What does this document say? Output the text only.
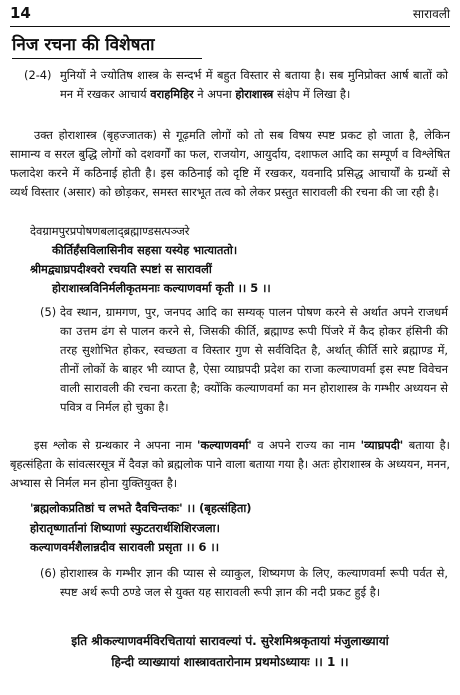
14	सारावली
निज रचना की विशेषता
(2-4) मुनियों ने ज्योतिष शास्त्र के सन्दर्भ में बहुत विस्तार से बताया है। सब मुनिप्रोक्त आर्ष बातों को मन में रखकर आचार्य वराहमिहिर ने अपना होराशास्त्र संक्षेप में लिखा है।
उक्त होराशास्त्र (बृहज्जातक) से गूढ़मति लोगों को तो सब विषय स्पष्ट प्रकट हो जाता है, लेकिन सामान्य व सरल बुद्धि लोगों को दशवर्गों का फल, राजयोग, आयुर्दाय, दशाफल आदि का सम्पूर्ण व विश्लेषित फलादेश करने में कठिनाई होती है। इस कठिनाई को दृष्टि में रखकर, यवनादि प्रसिद्ध आचार्यों के ग्रन्थों से व्यर्थ विस्तार (असार) को छोड़कर, समस्त सारभूत तत्व को लेकर प्रस्तुत सारावली की रचना की जा रही है।
देवग्रामपुरप्रपोषणबलाद्ब्रह्माण्डसत्पञ्जरे
कीर्तिर्हंसविलासिनीव सहसा यस्येह भात्याततो।
श्रीमद्व्याघ्रपदीश्वरो रचयति स्पष्टां स सारावलीं
होराशास्त्रविनिर्मलीकृतमनाः कल्याणवर्मा कृती ।। 5 ।।
(5) देव स्थान, ग्रामगण, पुर, जनपद आदि का सम्यक् पालन पोषण करने से अर्थात अपने राजधर्म का उत्तम ढंग से पालन करने से, जिसकी कीर्ति, ब्रह्माण्ड रूपी पिंजरे में कैद होकर हंसिनी की तरह सुशोभित होकर, स्वच्छता व विस्तार गुण से सर्वविदित है, अर्थात् कीर्ति सारे ब्रह्माण्ड में, तीनों लोकों के बाहर भी व्याप्त है, ऐसा व्याघ्रपदी प्रदेश का राजा कल्याणवर्मा इस स्पष्ट विवेचन वाली सारावली की रचना करता है; क्योंकि कल्याणवर्मा का मन होराशास्त्र के गम्भीर अध्ययन से पवित्र व निर्मल हो चुका है।
इस श्लोक से ग्रन्थकार ने अपना नाम 'कल्याणवर्मा' व अपने राज्य का नाम 'व्याघ्रपदी' बताया है। बृहत्संहिता के सांवत्सरसूत्र में दैवज्ञ को ब्रह्मलोक पाने वाला बताया गया है। अतः होराशास्त्र के अध्ययन, मनन, अभ्यास से निर्मल मन होना युक्तियुक्त है।
'ब्रह्मलोकप्रतिष्ठां च लभते दैवचिन्तकः' ।। (बृहत्संहिता)
होरातृष्णार्तानां शिष्याणां स्फुटतरार्थशिशिरजला।
कल्याणवर्मशैलान्नदीव सारावली प्रसृता ।। 6 ।।
(6) होराशास्त्र के गम्भीर ज्ञान की प्यास से व्याकुल, शिष्यगण के लिए, कल्याणवर्मा रूपी पर्वत से, स्पष्ट अर्थ रूपी ठण्डे जल से युक्त यह सारावली रूपी ज्ञान की नदी प्रकट हुई है।
इति श्रीकल्याणवर्मविरचितायां सारावल्यां पं. सुरेशमिश्रकृतायां मंजुलाख्यायां
हिन्दी व्याख्यायां शास्त्रावतारोनाम प्रथमोऽध्यायः ।। 1 ।।
